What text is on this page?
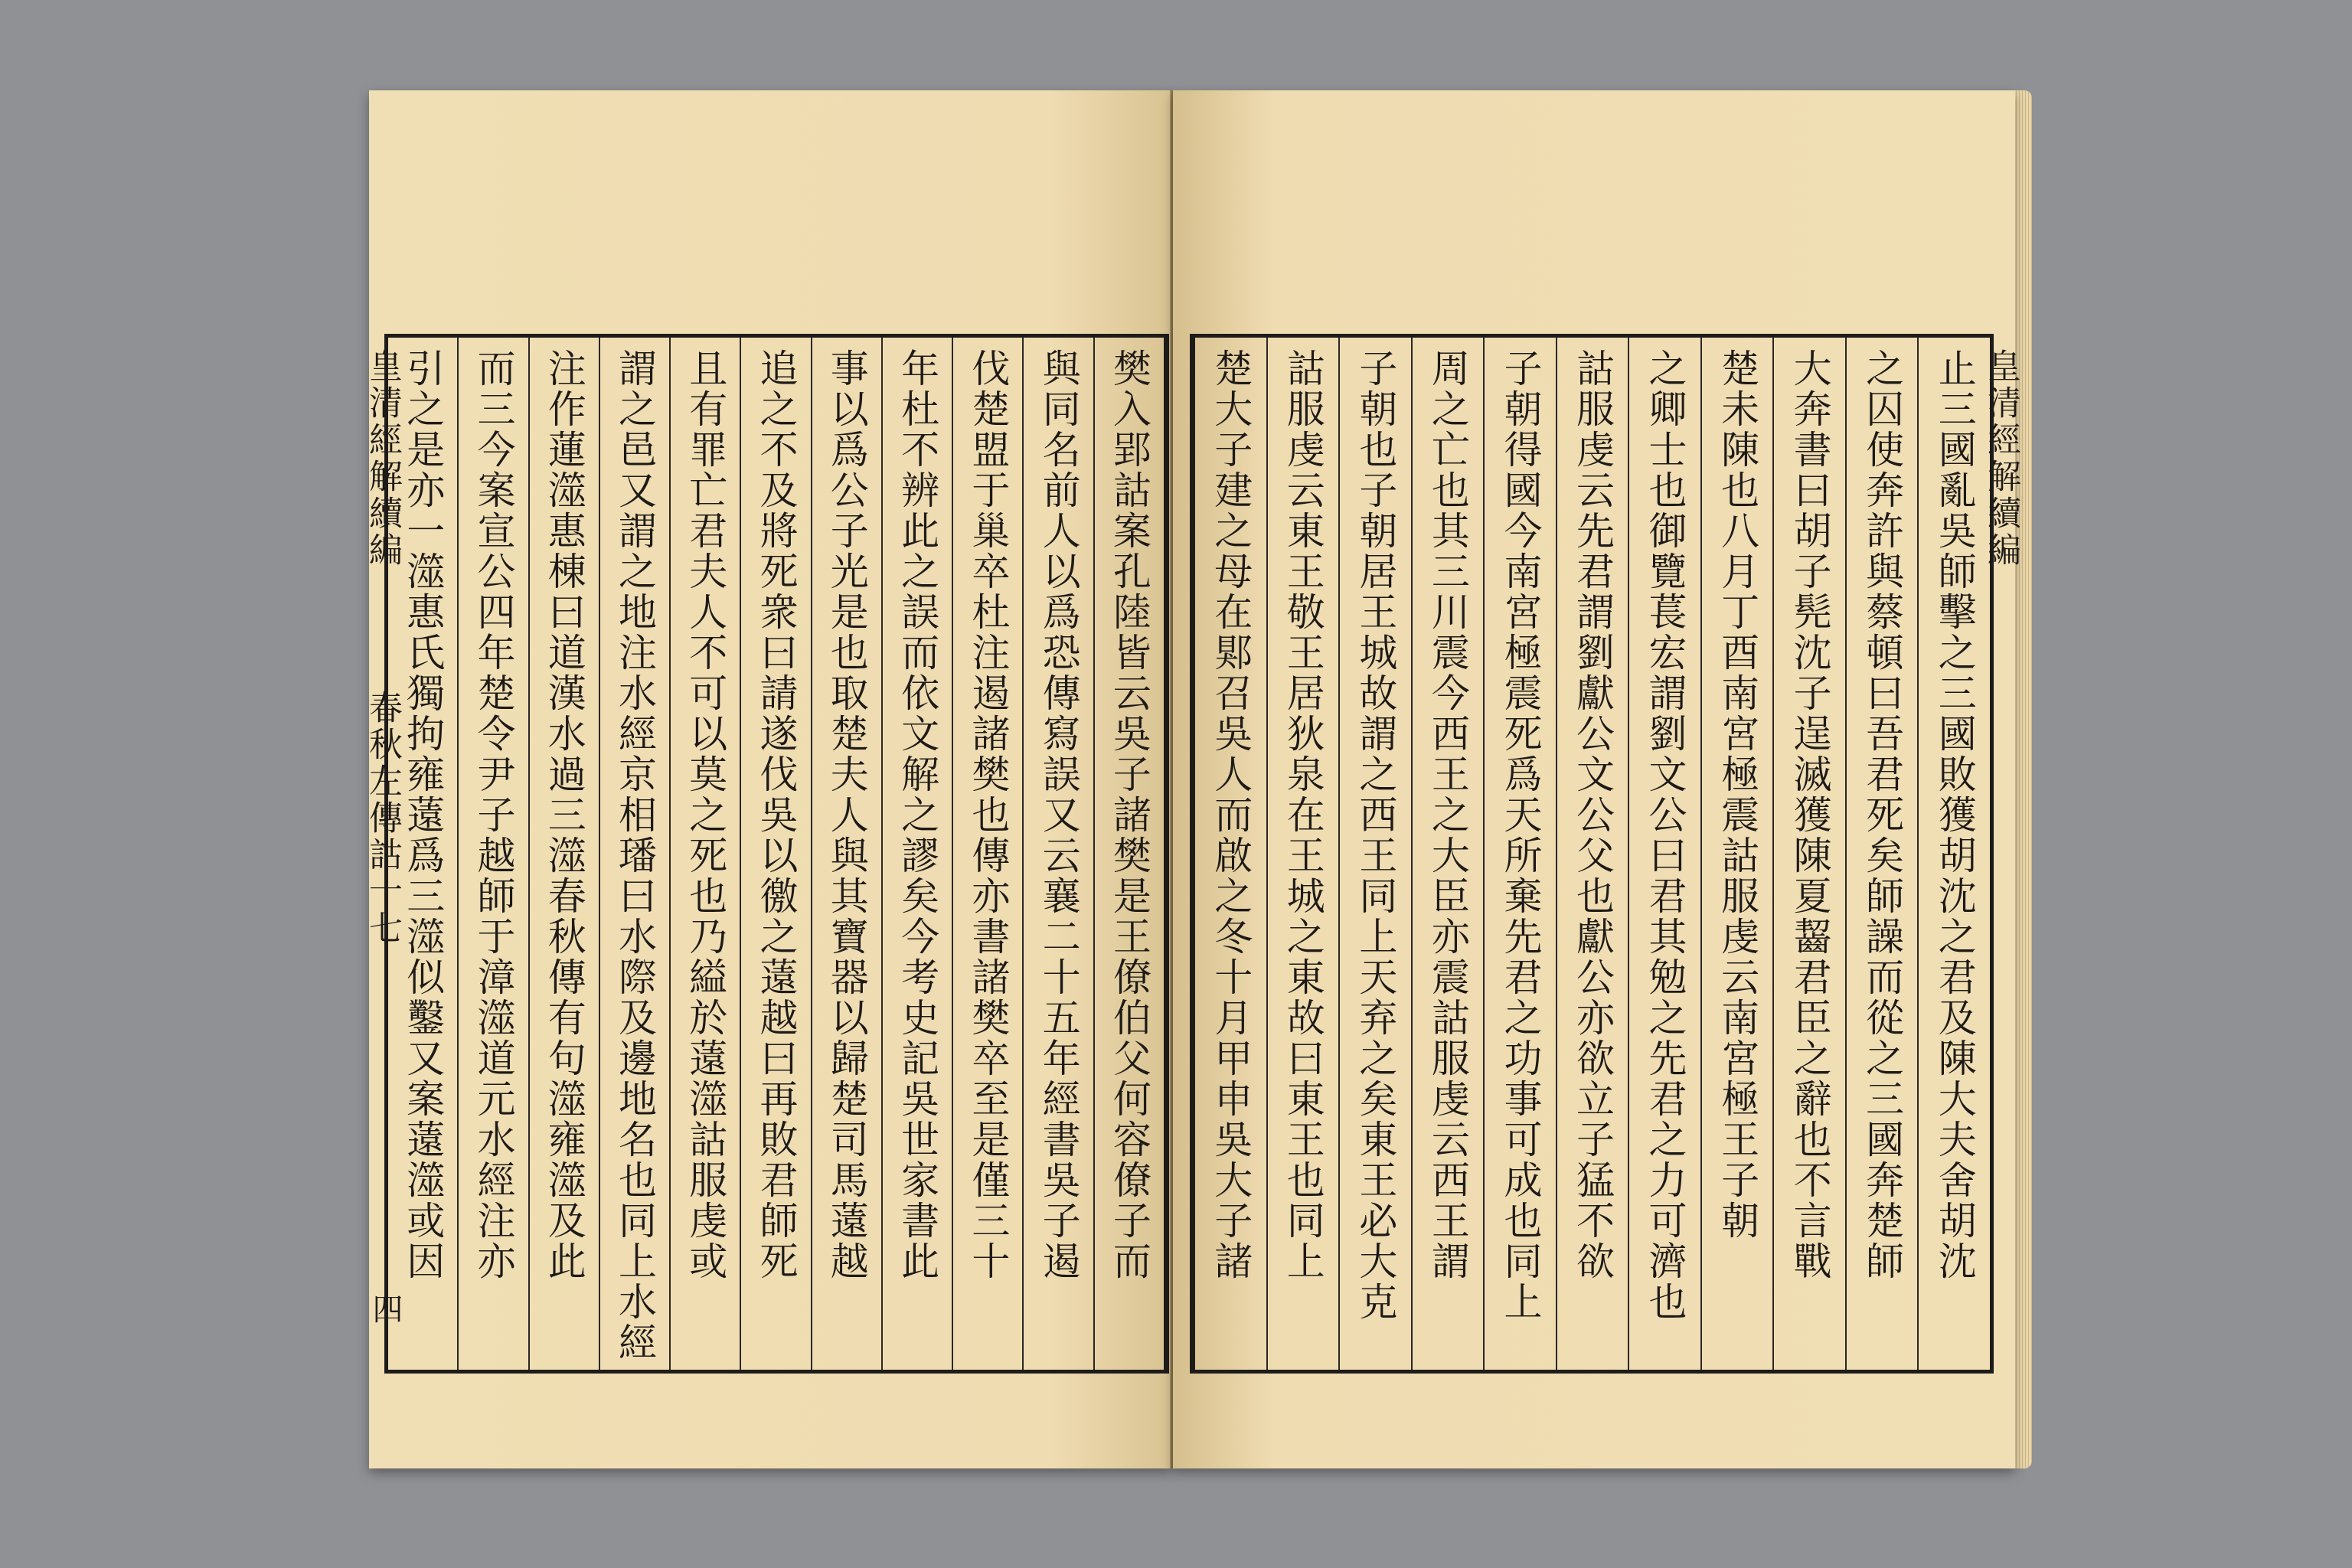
皇清經解續編
春秋左傳詁十七
四
樊入郢詁案孔陸皆云吳子諸樊是王僚伯父何容僚子而
與同名前人以爲恐傳寫誤又云襄二十五年經書吳子遏
伐楚盟于巢卒杜注遏諸樊也傳亦書諸樊卒至是僅三十
年杜不辨此之誤而依文解之謬矣今考史記吳世家書此
事以爲公子光是也取楚夫人與其寶器以歸楚司馬薳越
追之不及將死衆曰請遂伐吳以徼之薳越曰再敗君師死
且有罪亡君夫人不可以莫之死也乃縊於薳澨詁服虔或
謂之邑又謂之地注水經京相璠曰水際及邊地名也同上水經
注作蓮澨惠棟曰道漢水過三澨春秋傳有句澨雍澨及此
而三今案宣公四年楚令尹子越師于漳澨道元水經注亦
引之是亦一澨惠氏獨拘雍薳爲三澨似鑿又案薳澨或因	皇清經解續編
止三國亂吳師擊之三國敗獲胡沈之君及陳大夫舍胡沈
之囚使奔許與蔡頓曰吾君死矣師譟而從之三國奔楚師
大奔書曰胡子髡沈子逞滅獲陳夏齧君臣之辭也不言戰
楚未陳也八月丁酉南宮極震詁服虔云南宮極王子朝
之卿士也御覽萇宏謂劉文公曰君其勉之先君之力可濟也
詁服虔云先君謂劉獻公文公父也獻公亦欲立子猛不欲
子朝得國今南宮極震死爲天所棄先君之功事可成也同上
周之亡也其三川震今西王之大臣亦震詁服虔云西王謂
子朝也子朝居王城故謂之西王同上天弃之矣東王必大克
詁服虔云東王敬王居狄泉在王城之東故曰東王也同上
楚大子建之母在郹召吳人而啟之冬十月甲申吳大子諸
